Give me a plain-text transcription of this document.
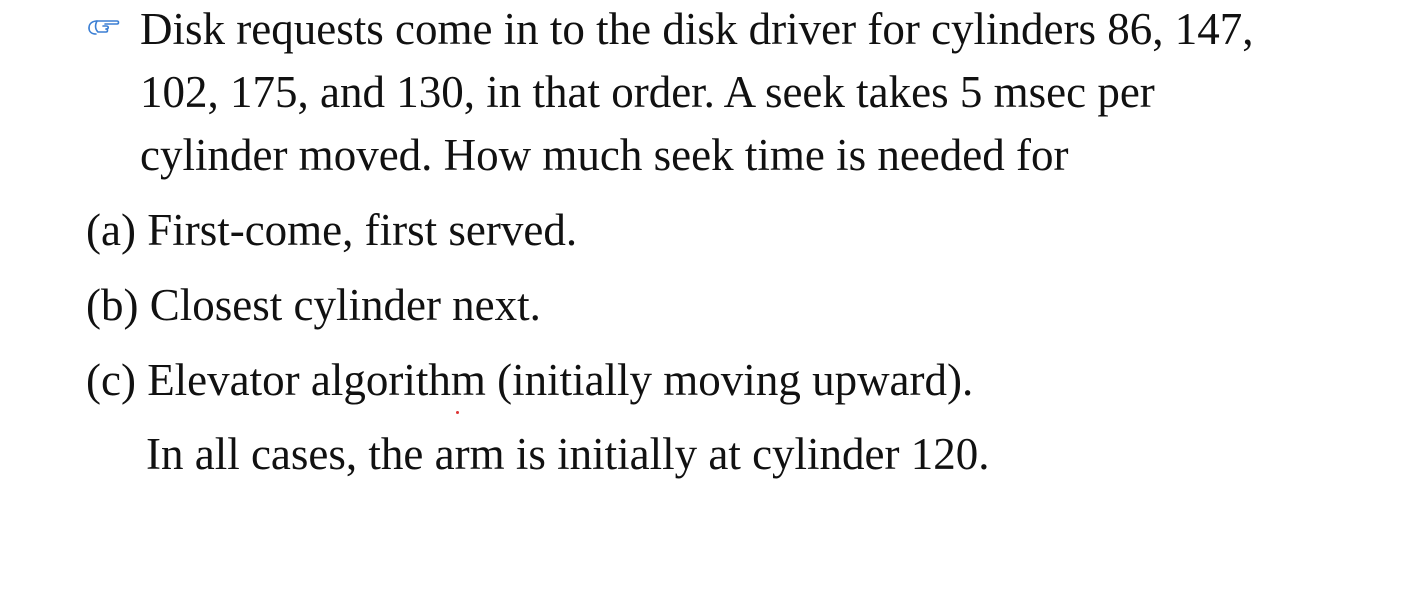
Disk requests come in to the disk driver for cylinders 86, 147,
102, 175, and 130, in that order. A seek takes 5 msec per
cylinder moved. How much seek time is needed for
(a) First-come, first served.
(b) Closest cylinder next.
(c) Elevator algorithm (initially moving upward).
In all cases, the arm is initially at cylinder 120.
